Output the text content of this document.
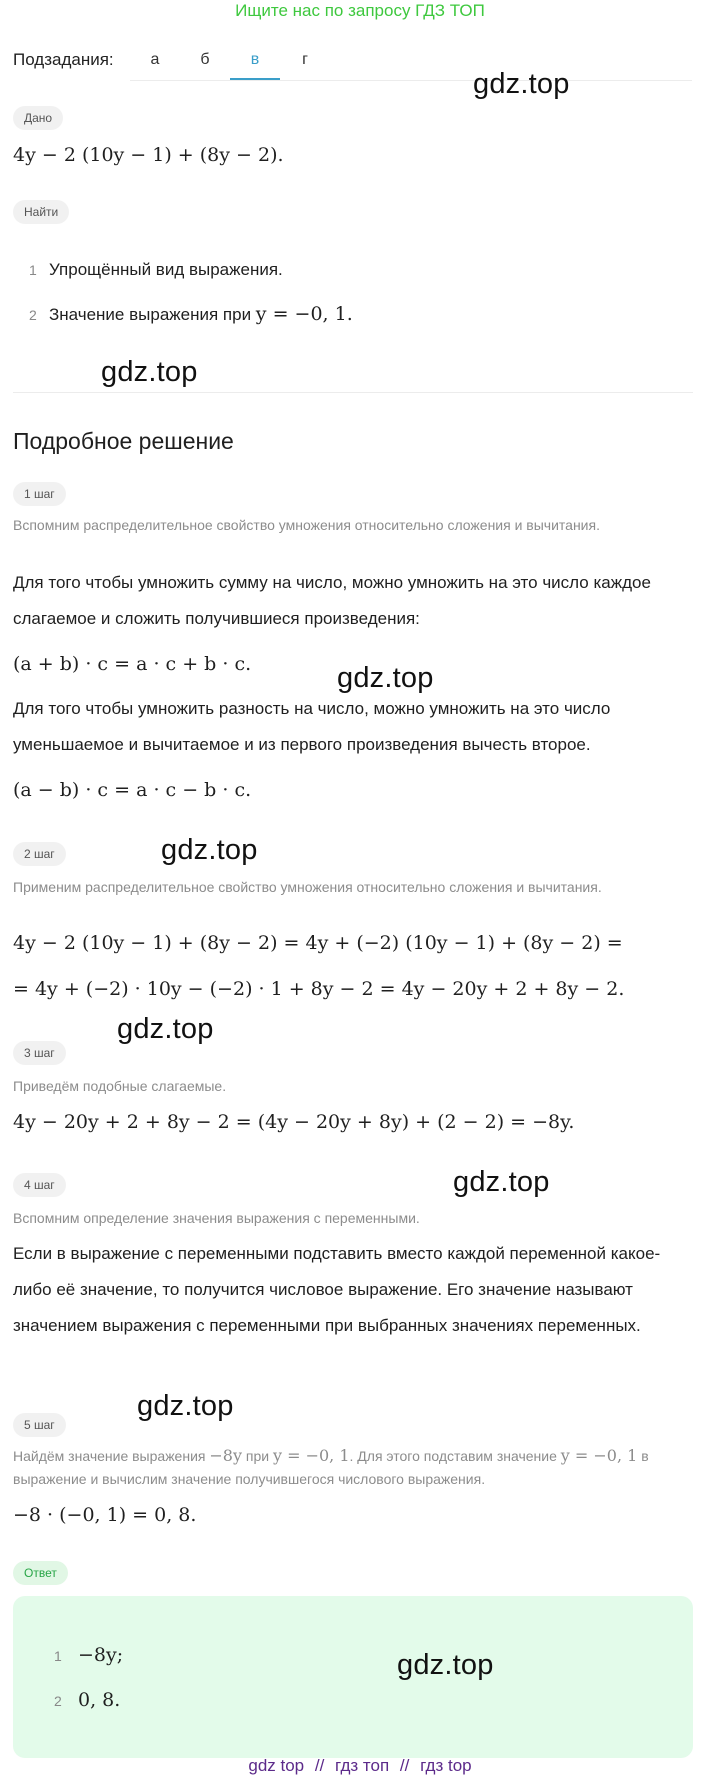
Ищите нас по запросу ГДЗ ТОП
Подзадания:	а	б	в	г
Дано
4y − 2 (10y − 1) + (8y − 2).
Найти
1 Упрощённый вид выражения.
2 Значение выражения при y = −0, 1.
Подробное решение
1 шаг
Вспомним распределительное свойство умножения относительно сложения и вычитания.
Для того чтобы умножить сумму на число, можно умножить на это число каждое слагаемое и сложить получившиеся произведения:
(a + b) · c = a · c + b · c.
Для того чтобы умножить разность на число, можно умножить на это число уменьшаемое и вычитаемое и из первого произведения вычесть второе.
(a − b) · c = a · c − b · c.
2 шаг
Применим распределительное свойство умножения относительно сложения и вычитания.
4y − 2 (10y − 1) + (8y − 2) = 4y + (−2) (10y − 1) + (8y − 2) =
= 4y + (−2) · 10y − (−2) · 1 + 8y − 2 = 4y − 20y + 2 + 8y − 2.
3 шаг
Приведём подобные слагаемые.
4y − 20y + 2 + 8y − 2 = (4y − 20y + 8y) + (2 − 2) = −8y.
4 шаг
Вспомним определение значения выражения с переменными.
Если в выражение с переменными подставить вместо каждой переменной какое-либо её значение, то получится числовое выражение. Его значение называют значением выражения с переменными при выбранных значениях переменных.
5 шаг
Найдём значение выражения −8y при y = −0, 1. Для этого подставим значение y = −0, 1 в выражение и вычислим значение получившегося числового выражения.
−8 · (−0, 1) = 0, 8.
Ответ
1 −8y;
2 0, 8.
gdz.top
gdz.top
gdz.top
gdz.top
gdz.top
gdz.top
gdz.top
gdz.top
gdz top // гдз топ // гдз top
